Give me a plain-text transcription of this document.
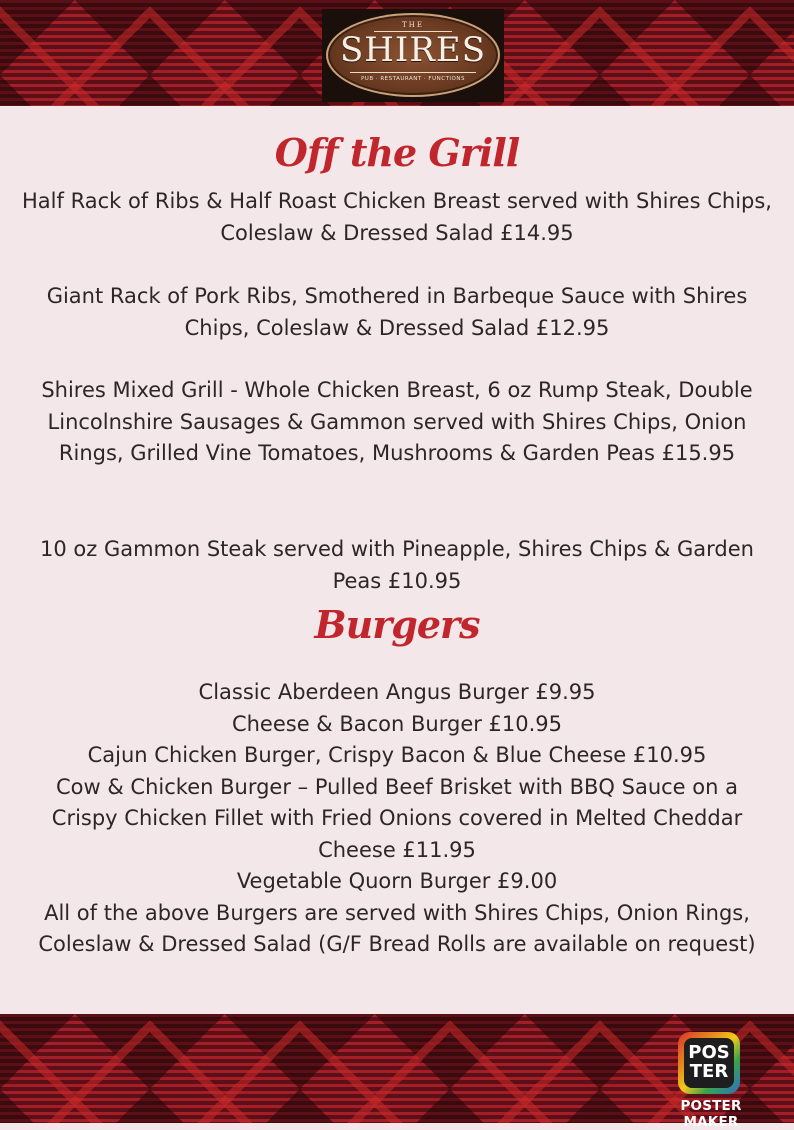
THE
SHIRES
PUB · RESTAURANT · FUNCTIONS
Off the Grill

Half Rack of Ribs & Half Roast Chicken Breast served with Shires Chips, Coleslaw & Dressed Salad £14.95

Giant Rack of Pork Ribs, Smothered in Barbeque Sauce with Shires Chips, Coleslaw & Dressed Salad £12.95

Shires Mixed Grill - Whole Chicken Breast, 6 oz Rump Steak, Double Lincolnshire Sausages & Gammon served with Shires Chips, Onion Rings, Grilled Vine Tomatoes, Mushrooms & Garden Peas £15.95

10 oz Gammon Steak served with Pineapple, Shires Chips & Garden Peas £10.95

Burgers
Classic Aberdeen Angus Burger £9.95
Cheese & Bacon Burger £10.95
Cajun Chicken Burger, Crispy Bacon & Blue Cheese £10.95
Cow & Chicken Burger – Pulled Beef Brisket with BBQ Sauce on a Crispy Chicken Fillet with Fried Onions covered in Melted Cheddar Cheese £11.95
Vegetable Quorn Burger £9.00
All of the above Burgers are served with Shires Chips, Onion Rings, Coleslaw & Dressed Salad (G/F Bread Rolls are available on request)
POS
TER
POSTER MAKER
